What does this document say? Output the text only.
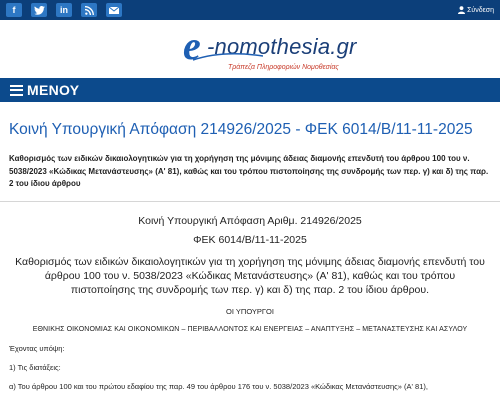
f	in	Σύνδεση
e -nomothesia.gr
Τράπεζα Πληροφοριών Νομοθεσίας
ΜΕΝΟΥ
Κοινή Υπουργική Απόφαση 214926/2025 - ΦΕΚ 6014/B/11-11-2025
Καθορισμός των ειδικών δικαιολογητικών για τη χορήγηση της μόνιμης άδειας διαμονής επενδυτή του άρθρου 100 του ν. 5038/2023 «Κώδικας Μετανάστευσης» (Α' 81), καθώς και του τρόπου πιστοποίησης της συνδρομής των περ. γ) και δ) της παρ. 2 του ίδιου άρθρου
Κοινή Υπουργική Απόφαση Αριθμ. 214926/2025
ΦΕΚ 6014/B/11-11-2025
Καθορισμός των ειδικών δικαιολογητικών για τη χορήγηση της μόνιμης άδειας διαμονής επενδυτή του άρθρου 100 του ν. 5038/2023 «Κώδικας Μετανάστευσης» (Α' 81), καθώς και του τρόπου πιστοποίησης της συνδρομής των περ. γ) και δ) της παρ. 2 του ίδιου άρθρου.
ΟΙ ΥΠΟΥΡΓΟΙ
ΕΘΝΙΚΗΣ ΟΙΚΟΝΟΜΙΑΣ ΚΑΙ ΟΙΚΟΝΟΜΙΚΩΝ – ΠΕΡΙΒΑΛΛΟΝΤΟΣ ΚΑΙ ΕΝΕΡΓΕΙΑΣ – ΑΝΑΠΤΥΞΗΣ – ΜΕΤΑΝΑΣΤΕΥΣΗΣ ΚΑΙ ΑΣΥΛΟΥ

Έχοντας υπόψη:

1) Τις διατάξεις:

α) Του άρθρου 100 και του πρώτου εδαφίου της παρ. 49 του άρθρου 176 του ν. 5038/2023 «Κώδικας Μετανάστευσης» (Α' 81),
